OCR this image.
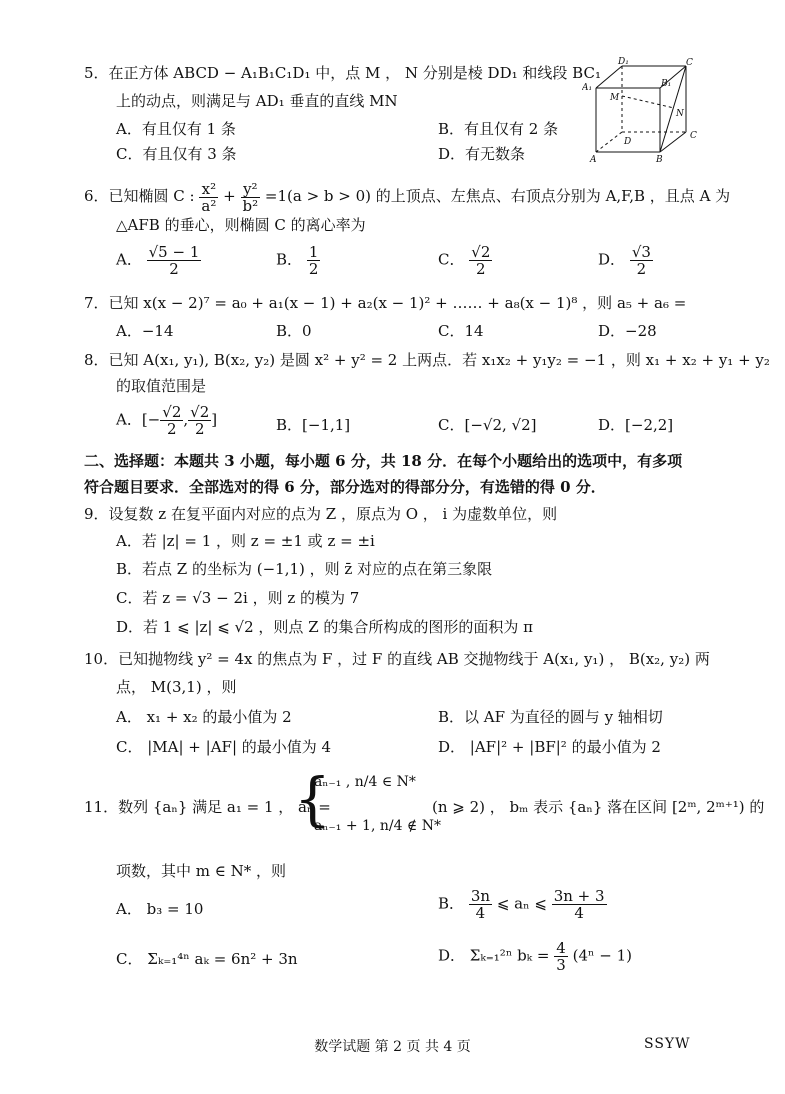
5．在正方体 ABCD − A₁B₁C₁D₁ 中，点 M ， N 分别是棱 DD₁ 和线段 BC₁
上的动点，则满足与 AD₁ 垂直的直线 MN
A．有且仅有 1 条	B．有且仅有 2 条
C．有且仅有 3 条	D．有无数条
D₁	C
A₁	B₁
M
N
D
C
A	B
6．已知椭圆 C : $\frac{\text{x²}}{\text{a²}} + \frac{\text{y²}}{\text{b²}} =1(a > b > 0)$ 的上顶点、左焦点、右顶点分别为 A,F,B ，且点 A 为
△AFB 的垂心，则椭圆 C 的离心率为
A． $\frac{√5 - 1}{2}$	B． $\frac{1}{2}$	C． $\frac{√2}{2}$	D． $\frac{√3}{2}$
7．已知 x(x − 2)⁷ = a₀ + a₁(x − 1) + a₂(x − 1)² + …… + a₈(x − 1)⁸ ，则 a₅ + a₆ =
A．−14	B．0	C．14	D．−28
8．已知 A(x₁, y₁), B(x₂, y₂) 是圆 x² + y² = 2 上两点．若 x₁x₂ + y₁y₂ = −1 ，则 x₁ + x₂ + y₁ + y₂
的取值范围是
A．[− $\frac{√2}{2}$ , $\frac{√2}{2}$ ]	B．[−1,1]	C．[−√2, √2]	D．[−2,2]
二、选择题：本题共 3 小题，每小题 6 分，共 18 分．在每个小题给出的选项中，有多项
符合题目要求．全部选对的得 6 分，部分选对的得部分分，有选错的得 0 分．
9．设复数 z 在复平面内对应的点为 Z ，原点为 O ， i 为虚数单位，则
A．若 |z| = 1 ，则 z = ±1 或 z = ±i
B．若点 Z 的坐标为 (−1,1) ，则 z̄ 对应的点在第三象限
C．若 z = √3 − 2i ，则 z 的模为 7
D．若 1 ⩽ |z| ⩽ √2 ，则点 Z 的集合所构成的图形的面积为 π
10．已知抛物线 y² = 4x 的焦点为 F ，过 F 的直线 AB 交抛物线于 A(x₁, y₁) ， B(x₂, y₂) 两
点， M(3,1) ，则
A． x₁ + x₂ 的最小值为 2	B．以 AF 为直径的圆与 y 轴相切
C． |MA| + |AF| 的最小值为 4	D． |AF|² + |BF|² 的最小值为 2
11．数列 {aₙ} 满足 a₁ = 1 ， aₙ =
{
aₙ₋₁ , n/4 ∈ N*
aₙ₋₁ + 1, n/4 ∉ N*
(n ⩾ 2) ， bₘ 表示 {aₙ} 落在区间 [2ᵐ, 2ᵐ⁺¹) 的
项数，其中 m ∈ N* ，则
A． b₃ = 10	B． $\frac{3n}{4}$ ⩽ aₙ ⩽ $\frac{3n + 3}{4}$
C． Σₖ₌₁⁴ⁿ aₖ = 6n² + 3n	D． Σₖ₌₁²ⁿ $b_k = \frac{4}{3} (4^n - 1)$
数学试题 第 2 页 共 4 页	SSYW
